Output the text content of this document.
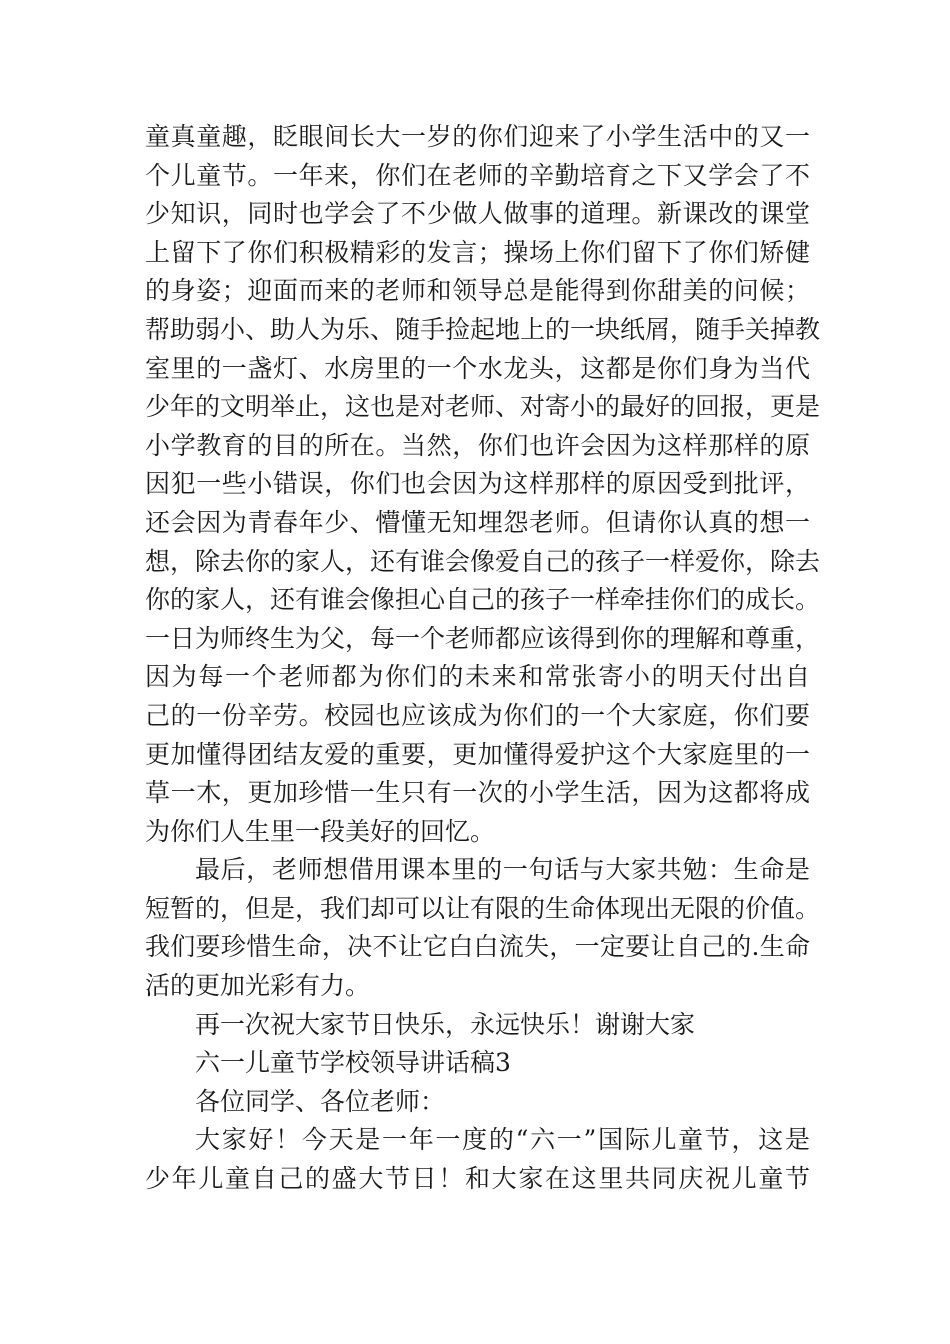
童真童趣，眨眼间长大一岁的你们迎来了小学生活中的又一
个儿童节。一年来，你们在老师的辛勤培育之下又学会了不
少知识，同时也学会了不少做人做事的道理。新课改的课堂
上留下了你们积极精彩的发言；操场上你们留下了你们矫健
的身姿；迎面而来的老师和领导总是能得到你甜美的问候；
帮助弱小、助人为乐、随手捡起地上的一块纸屑，随手关掉教
室里的一盏灯、水房里的一个水龙头，这都是你们身为当代
少年的文明举止，这也是对老师、对寄小的最好的回报，更是
小学教育的目的所在。当然，你们也许会因为这样那样的原
因犯一些小错误，你们也会因为这样那样的原因受到批评，
还会因为青春年少、懵懂无知埋怨老师。但请你认真的想一
想，除去你的家人，还有谁会像爱自己的孩子一样爱你，除去
你的家人，还有谁会像担心自己的孩子一样牵挂你们的成长。
一日为师终生为父，每一个老师都应该得到你的理解和尊重，
因为每一个老师都为你们的未来和常张寄小的明天付出自
己的一份辛劳。校园也应该成为你们的一个大家庭，你们要
更加懂得团结友爱的重要，更加懂得爱护这个大家庭里的一
草一木，更加珍惜一生只有一次的小学生活，因为这都将成
为你们人生里一段美好的回忆。
最后，老师想借用课本里的一句话与大家共勉：生命是
短暂的，但是，我们却可以让有限的生命体现出无限的价值。
我们要珍惜生命，决不让它白白流失，一定要让自己的.生命
活的更加光彩有力。
再一次祝大家节日快乐，永远快乐！谢谢大家
六一儿童节学校领导讲话稿3
各位同学、各位老师：
大家好！今天是一年一度的“六一”国际儿童节，这是
少年儿童自己的盛大节日！和大家在这里共同庆祝儿童节
